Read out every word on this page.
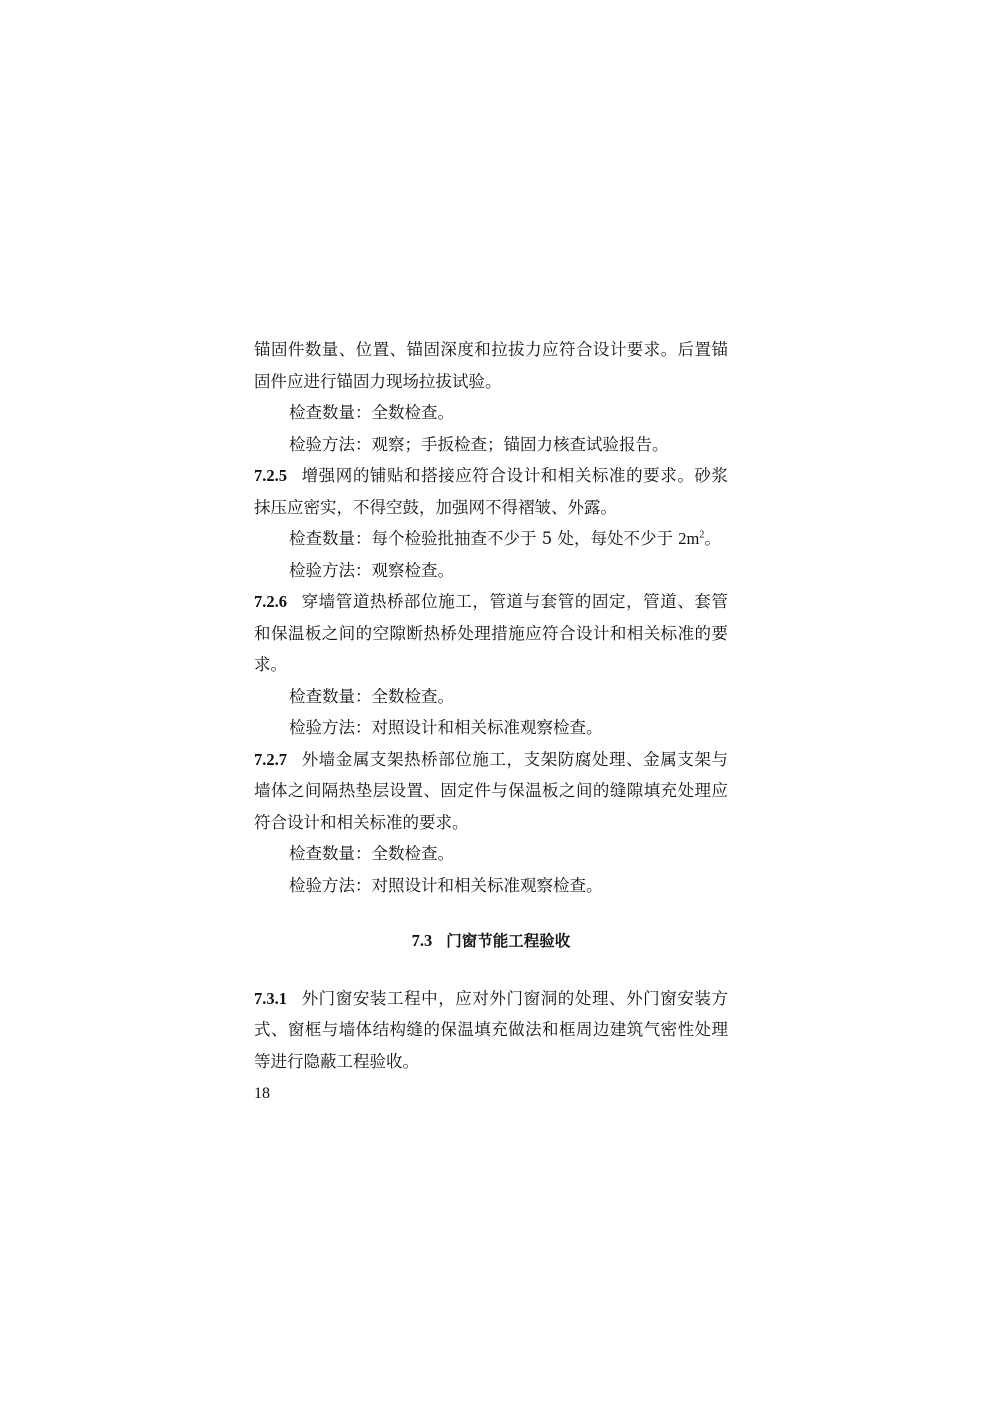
锚固件数量、位置、锚固深度和拉拔力应符合设计要求。后置锚固件应进行锚固力现场拉拔试验。

检查数量：全数检查。

检验方法：观察；手扳检查；锚固力核查试验报告。

7.2.5 增强网的铺贴和搭接应符合设计和相关标准的要求。砂浆抹压应密实，不得空鼓，加强网不得褶皱、外露。

检查数量：每个检验批抽查不少于 5 处，每处不少于 $2m^2$。

检验方法：观察检查。

7.2.6 穿墙管道热桥部位施工，管道与套管的固定，管道、套管和保温板之间的空隙断热桥处理措施应符合设计和相关标准的要求。

检查数量：全数检查。

检验方法：对照设计和相关标准观察检查。

7.2.7 外墙金属支架热桥部位施工，支架防腐处理、金属支架与墙体之间隔热垫层设置、固定件与保温板之间的缝隙填充处理应符合设计和相关标准的要求。

检查数量：全数检查。

检验方法：对照设计和相关标准观察检查。

7.3 门窗节能工程验收

7.3.1 外门窗安装工程中，应对外门窗洞的处理、外门窗安装方式、窗框与墙体结构缝的保温填充做法和框周边建筑气密性处理等进行隐蔽工程验收。

18
